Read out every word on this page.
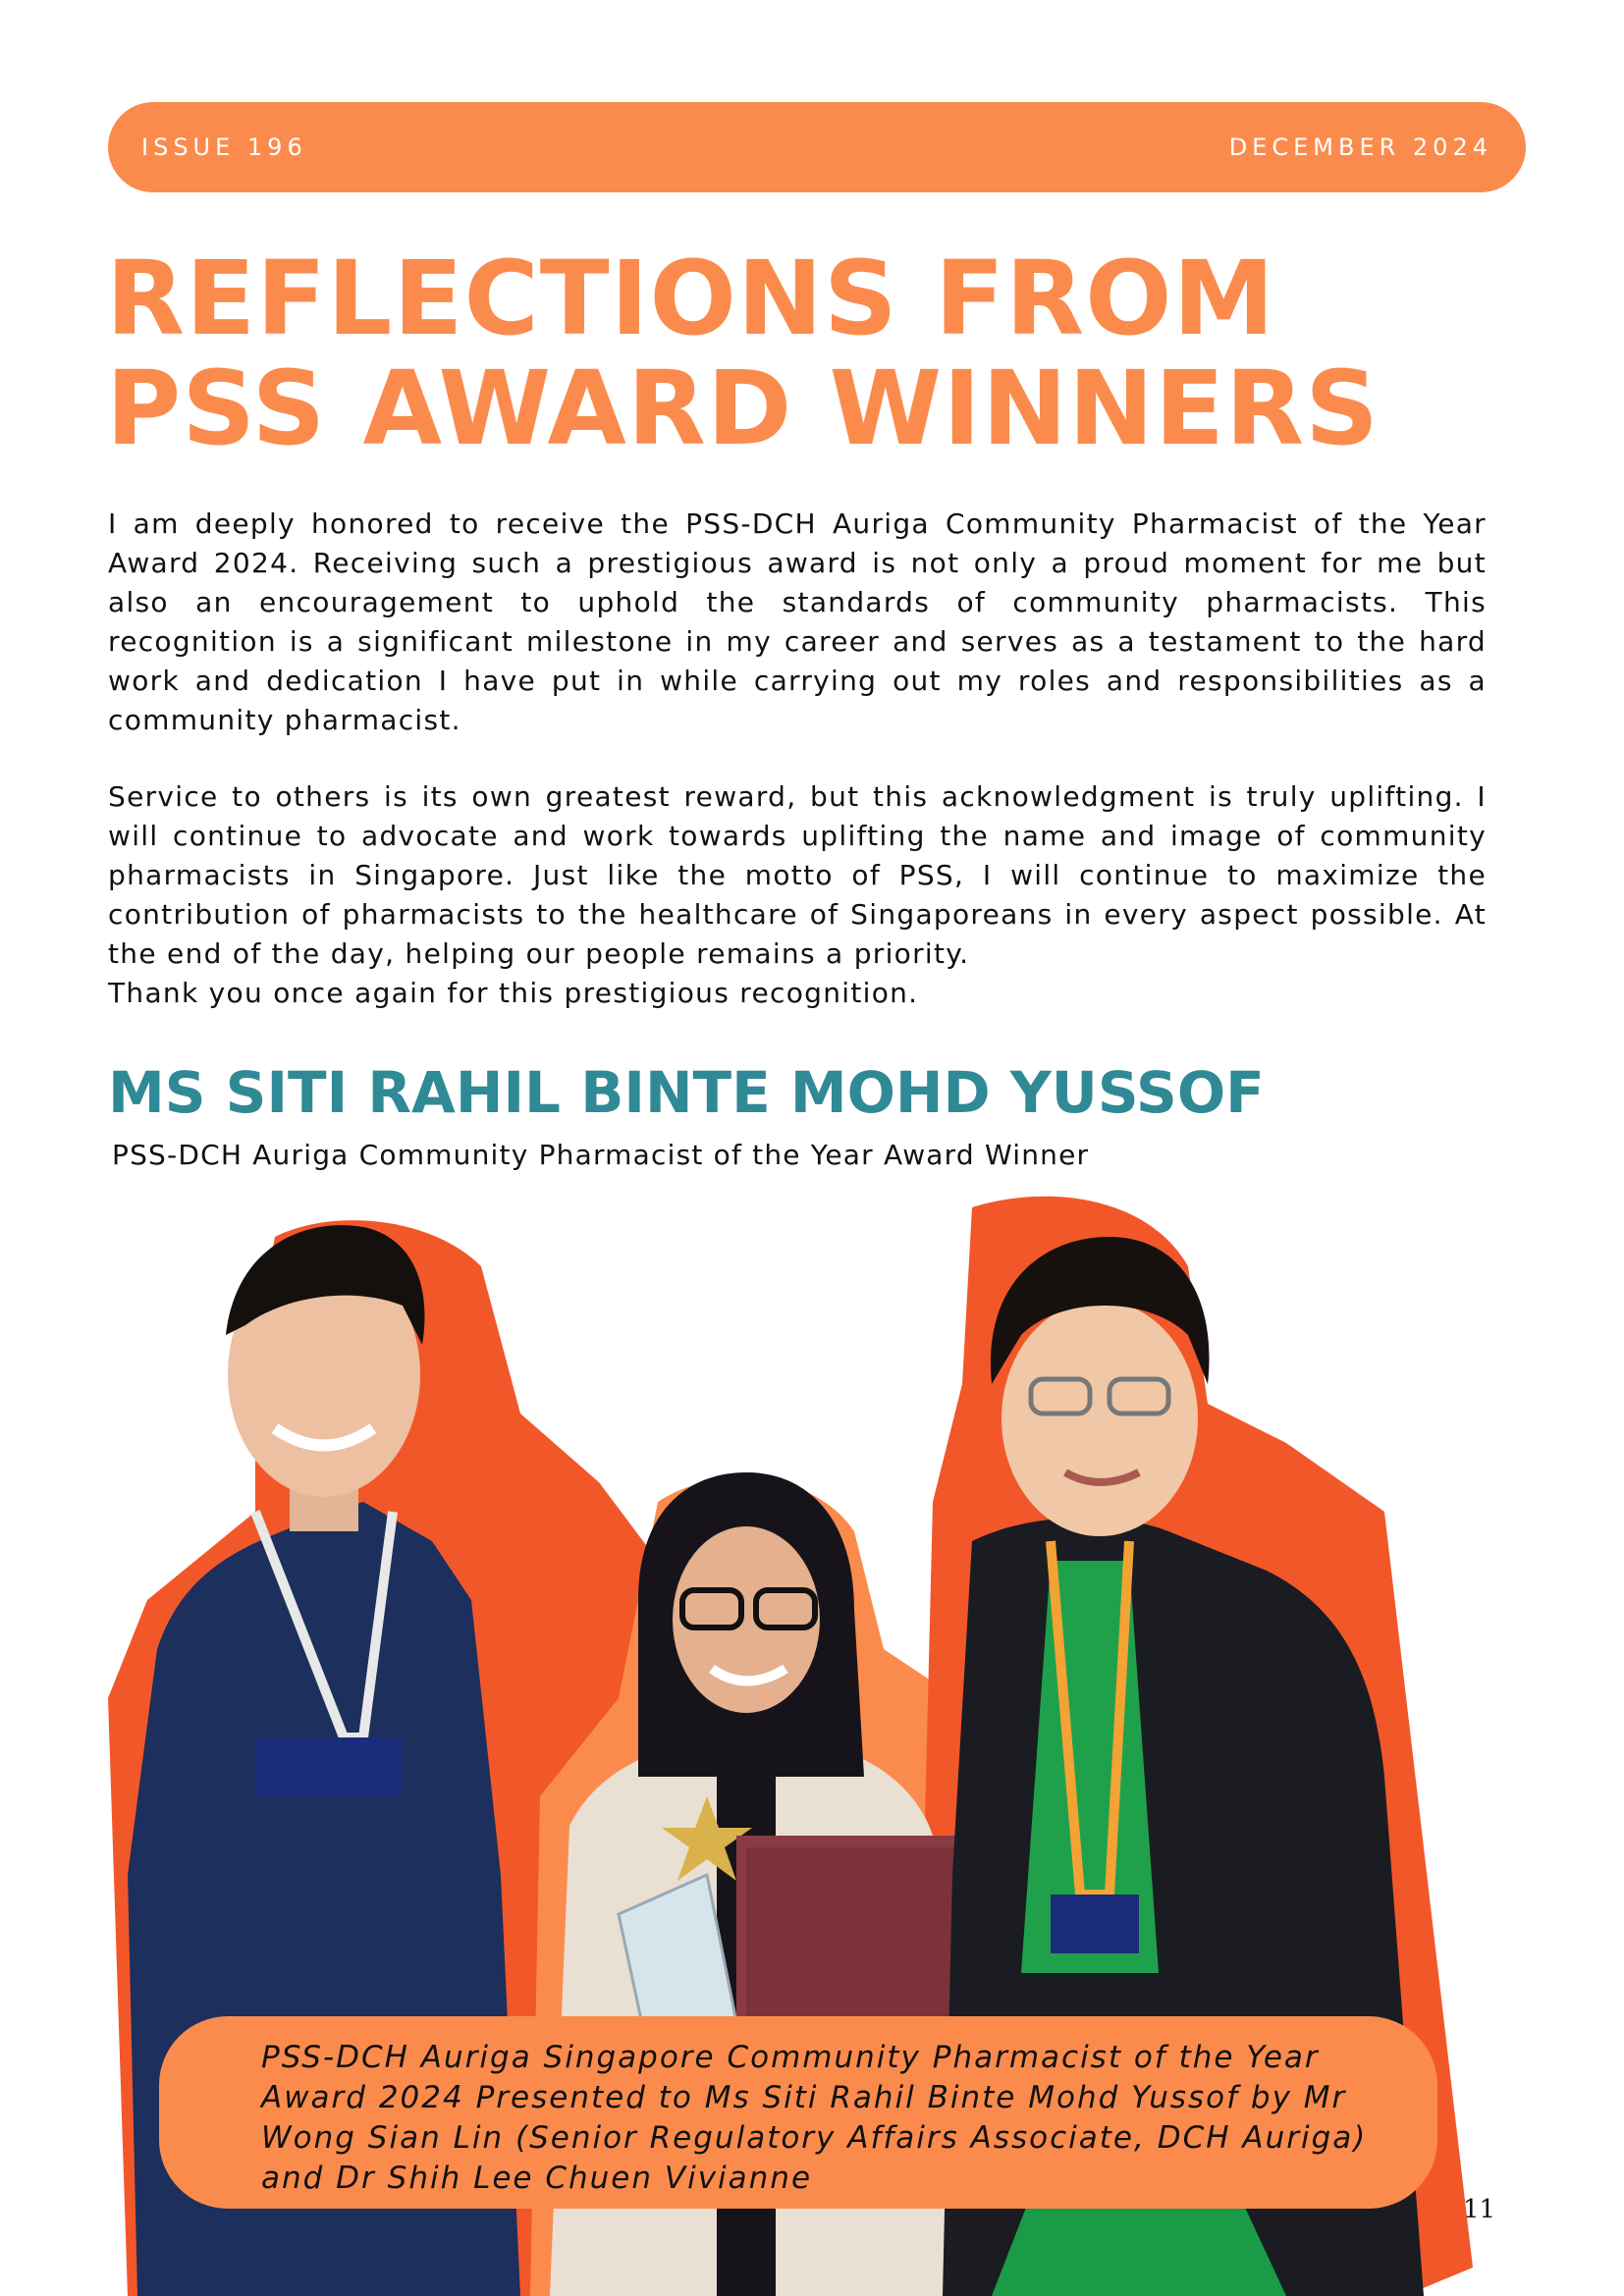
ISSUE 196	DECEMBER 2024
REFLECTIONS FROM
PSS AWARD WINNERS

I am deeply honored to receive the PSS-DCH Auriga Community Pharmacist of the Year Award 2024. Receiving such a prestigious award is not only a proud moment for me but also an encouragement to uphold the standards of community pharmacists. This recognition is a significant milestone in my career and serves as a testament to the hard work and dedication I have put in while carrying out my roles and responsibilities as a community pharmacist.

Service to others is its own greatest reward, but this acknowledgment is truly uplifting. I will continue to advocate and work towards uplifting the name and image of community pharmacists in Singapore. Just like the motto of PSS, I will continue to maximize the contribution of pharmacists to the healthcare of Singaporeans in every aspect possible. At the end of the day, helping our people remains a priority.

Thank you once again for this prestigious recognition.

MS SITI RAHIL BINTE MOHD YUSSOF
PSS-DCH Auriga Community Pharmacist of the Year Award Winner
PSS-DCH Auriga Singapore Community Pharmacist of the Year Award 2024 Presented to Ms Siti Rahil Binte Mohd Yussof by Mr Wong Sian Lin (Senior Regulatory Affairs Associate, DCH Auriga) and Dr Shih Lee Chuen Vivianne
11
